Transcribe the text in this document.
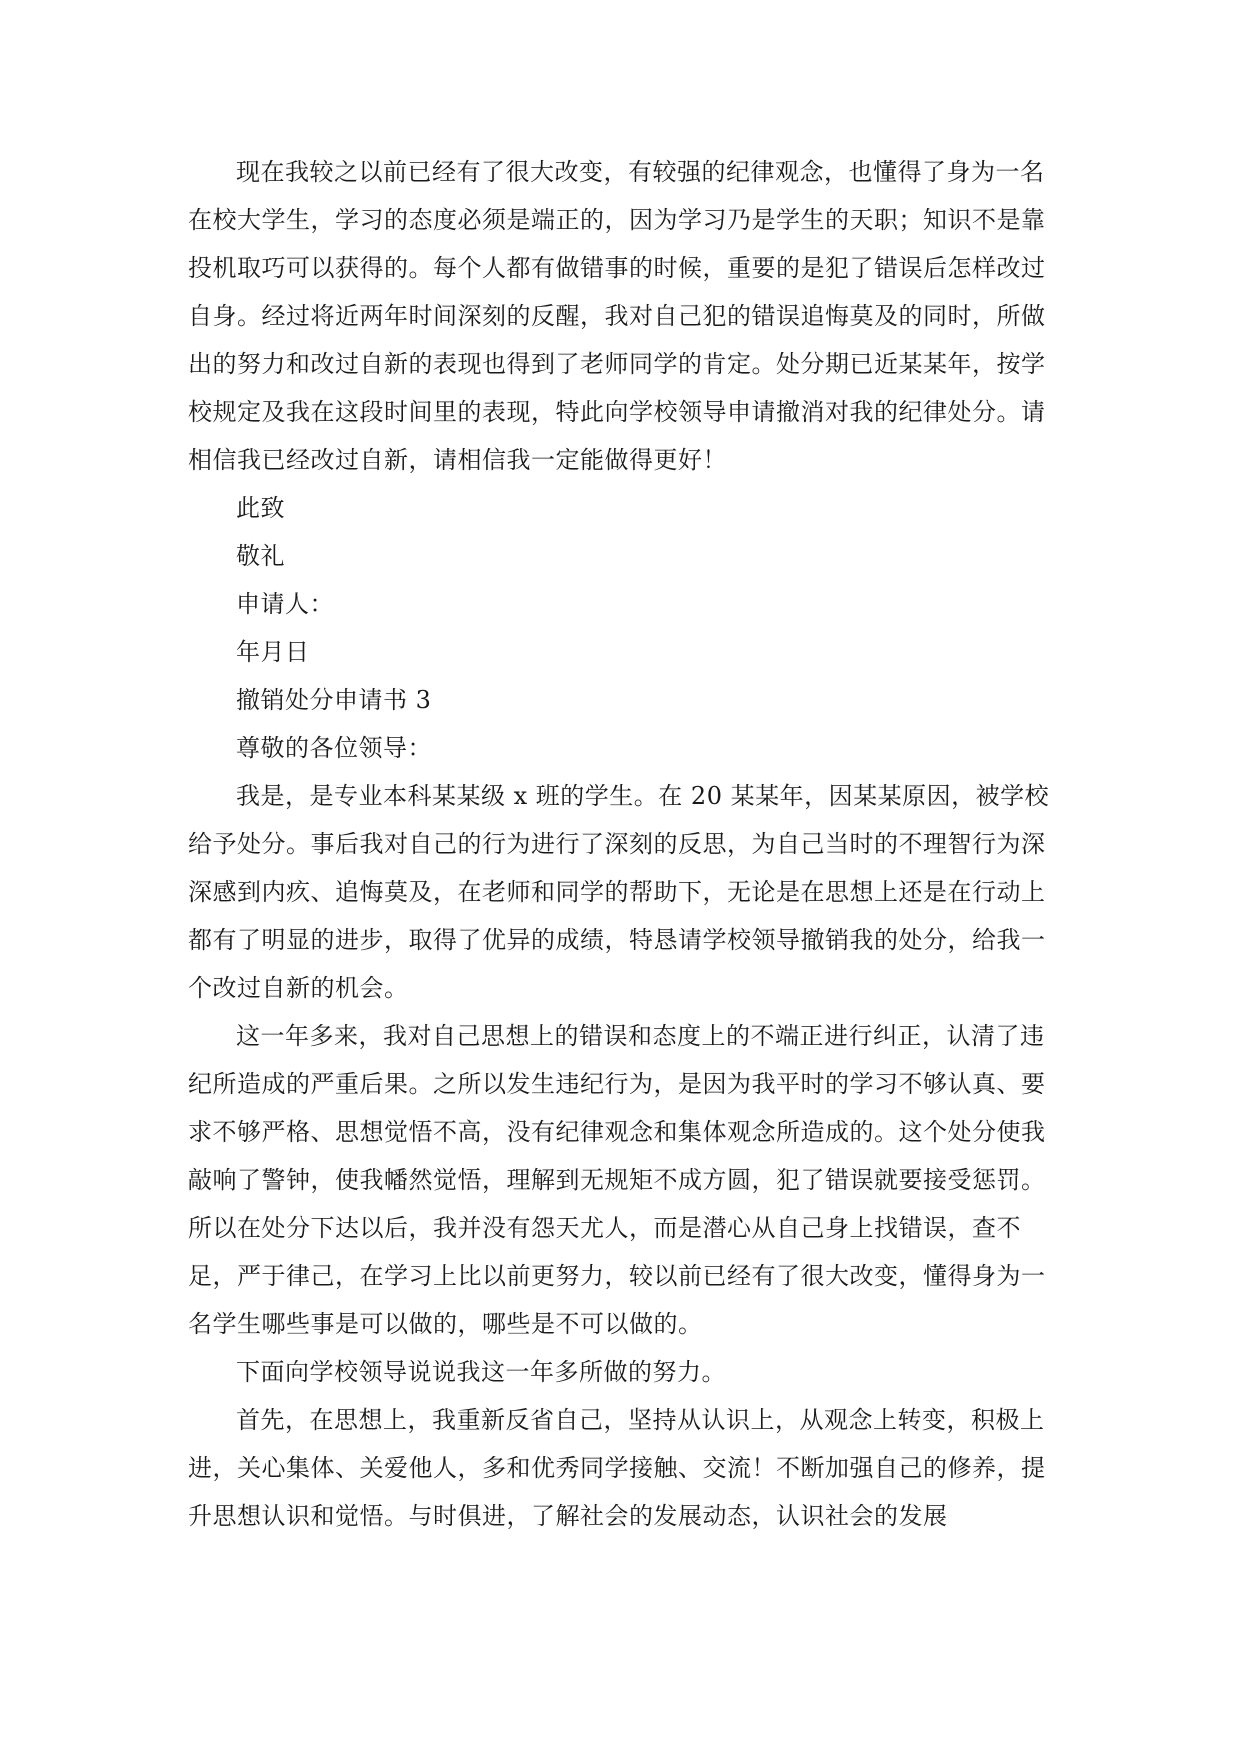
现在我较之以前已经有了很大改变，有较强的纪律观念，也懂得了身为一名在校大学生，学习的态度必须是端正的，因为学习乃是学生的天职；知识不是靠投机取巧可以获得的。每个人都有做错事的时候，重要的是犯了错误后怎样改过自身。经过将近两年时间深刻的反醒，我对自己犯的错误追悔莫及的同时，所做出的努力和改过自新的表现也得到了老师同学的肯定。处分期已近某某年，按学校规定及我在这段时间里的表现，特此向学校领导申请撤消对我的纪律处分。请相信我已经改过自新，请相信我一定能做得更好！

此致

敬礼

申请人：

年月日

撤销处分申请书 3

尊敬的各位领导：

我是，是专业本科某某级 x 班的学生。在 20 某某年，因某某原因，被学校给予处分。事后我对自己的行为进行了深刻的反思，为自己当时的不理智行为深深感到内疚、追悔莫及，在老师和同学的帮助下，无论是在思想上还是在行动上都有了明显的进步，取得了优异的成绩，特恳请学校领导撤销我的处分，给我一个改过自新的机会。

这一年多来，我对自己思想上的错误和态度上的不端正进行纠正，认清了违纪所造成的严重后果。之所以发生违纪行为，是因为我平时的学习不够认真、要求不够严格、思想觉悟不高，没有纪律观念和集体观念所造成的。这个处分使我敲响了警钟，使我幡然觉悟，理解到无规矩不成方圆，犯了错误就要接受惩罚。所以在处分下达以后，我并没有怨天尤人，而是潜心从自己身上找错误，查不足，严于律己，在学习上比以前更努力，较以前已经有了很大改变，懂得身为一名学生哪些事是可以做的，哪些是不可以做的。

下面向学校领导说说我这一年多所做的努力。

首先，在思想上，我重新反省自己，坚持从认识上，从观念上转变，积极上进，关心集体、关爱他人，多和优秀同学接触、交流！不断加强自己的修养，提升思想认识和觉悟。与时俱进，了解社会的发展动态，认识社会的发展
